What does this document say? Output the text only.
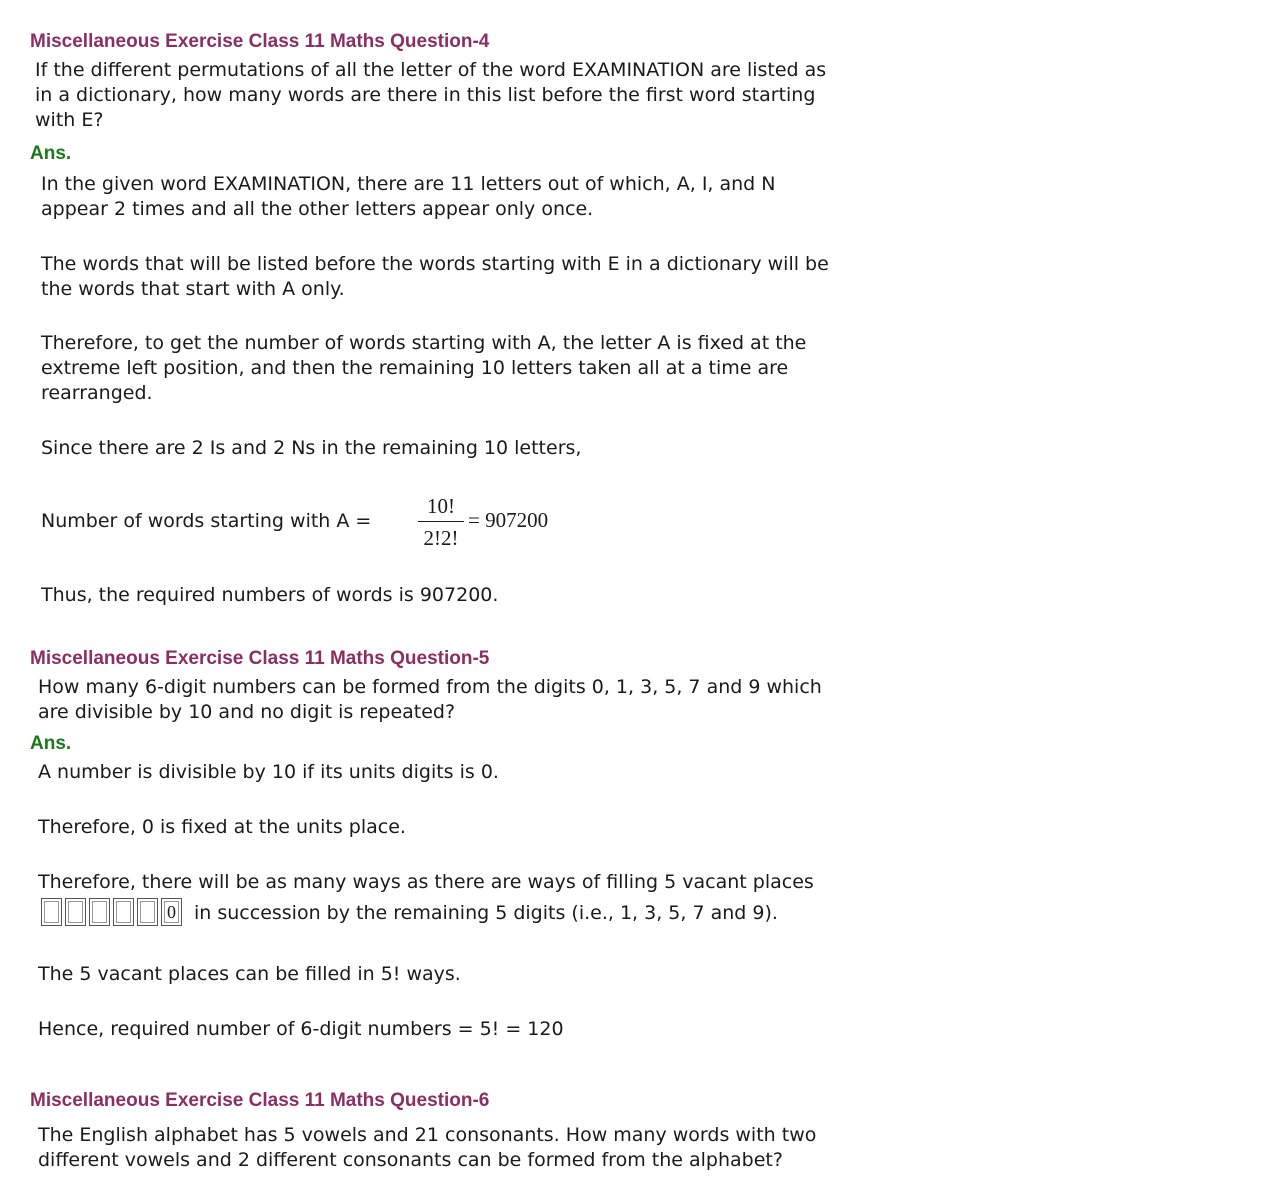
Miscellaneous Exercise Class 11 Maths Question-4
If the different permutations of all the letter of the word EXAMINATION are listed as
in a dictionary, how many words are there in this list before the first word starting
with E?
Ans.
In the given word EXAMINATION, there are 11 letters out of which, A, I, and N
appear 2 times and all the other letters appear only once.
The words that will be listed before the words starting with E in a dictionary will be
the words that start with A only.
Therefore, to get the number of words starting with A, the letter A is fixed at the
extreme left position, and then the remaining 10 letters taken all at a time are
rearranged.
Since there are 2 Is and 2 Ns in the remaining 10 letters,
Number of words starting with A =
10!
2!2!
= 907200
Thus, the required numbers of words is 907200.
Miscellaneous Exercise Class 11 Maths Question-5
How many 6-digit numbers can be formed from the digits 0, 1, 3, 5, 7 and 9 which
are divisible by 10 and no digit is repeated?
Ans.
A number is divisible by 10 if its units digits is 0.
Therefore, 0 is fixed at the units place.
Therefore, there will be as many ways as there are ways of filling 5 vacant places
0 in succession by the remaining 5 digits (i.e., 1, 3, 5, 7 and 9).
The 5 vacant places can be filled in 5! ways.
Hence, required number of 6-digit numbers = 5! = 120
Miscellaneous Exercise Class 11 Maths Question-6
The English alphabet has 5 vowels and 21 consonants. How many words with two
different vowels and 2 different consonants can be formed from the alphabet?
